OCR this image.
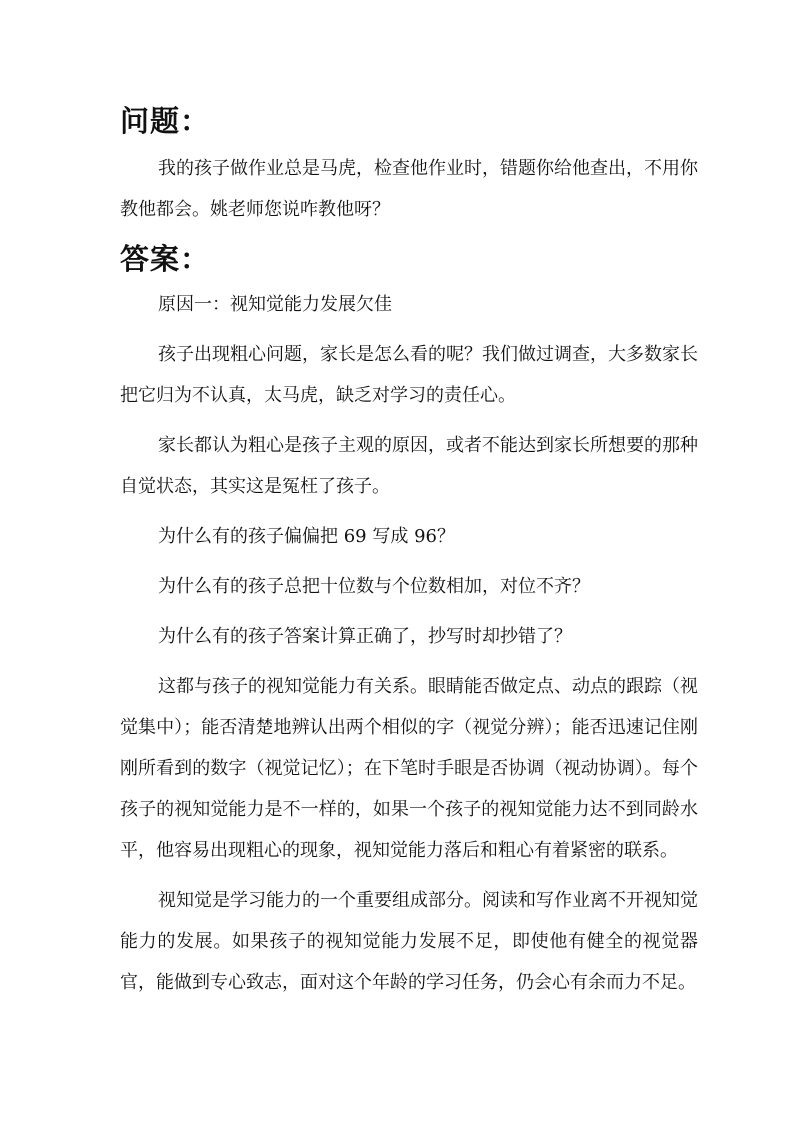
问题：

我的孩子做作业总是马虎，检查他作业时，错题你给他查出，不用你教他都会。姚老师您说咋教他呀？

答案：

原因一：视知觉能力发展欠佳

孩子出现粗心问题，家长是怎么看的呢？我们做过调查，大多数家长把它归为不认真，太马虎，缺乏对学习的责任心。

家长都认为粗心是孩子主观的原因，或者不能达到家长所想要的那种自觉状态，其实这是冤枉了孩子。

为什么有的孩子偏偏把 69 写成 96？

为什么有的孩子总把十位数与个位数相加，对位不齐？

为什么有的孩子答案计算正确了，抄写时却抄错了？

这都与孩子的视知觉能力有关系。眼睛能否做定点、动点的跟踪（视觉集中）；能否清楚地辨认出两个相似的字（视觉分辨）；能否迅速记住刚刚所看到的数字（视觉记忆）；在下笔时手眼是否协调（视动协调）。每个孩子的视知觉能力是不一样的，如果一个孩子的视知觉能力达不到同龄水平，他容易出现粗心的现象，视知觉能力落后和粗心有着紧密的联系。

视知觉是学习能力的一个重要组成部分。阅读和写作业离不开视知觉能力的发展。如果孩子的视知觉能力发展不足，即使他有健全的视觉器官，能做到专心致志，面对这个年龄的学习任务，仍会心有余而力不足。
